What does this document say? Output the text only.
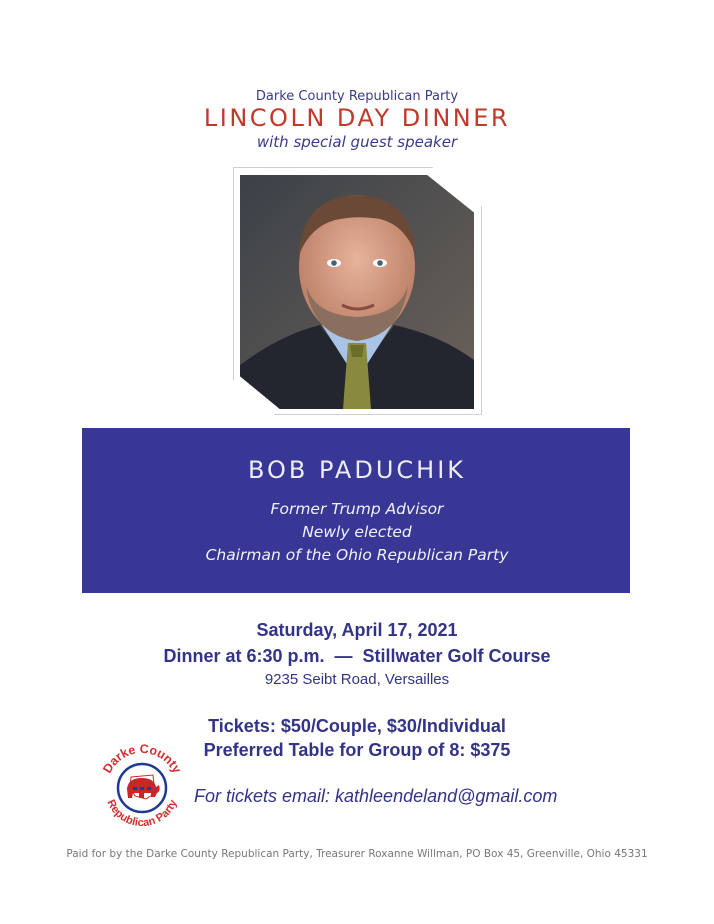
Darke County Republican Party
LINCOLN DAY DINNER
with special guest speaker
BOB PADUCHIK
Former Trump Advisor
Newly elected
Chairman of the Ohio Republican Party
Saturday, April 17, 2021
Dinner at 6:30 p.m.  —  Stillwater Golf Course
9235 Seibt Road, Versailles
Tickets: $50/Couple, $30/Individual
Preferred Table for Group of 8: $375
Darke County
Republican Party For tickets email: kathleendeland@gmail.com
Paid for by the Darke County Republican Party, Treasurer Roxanne Willman, PO Box 45, Greenville, Ohio 45331
